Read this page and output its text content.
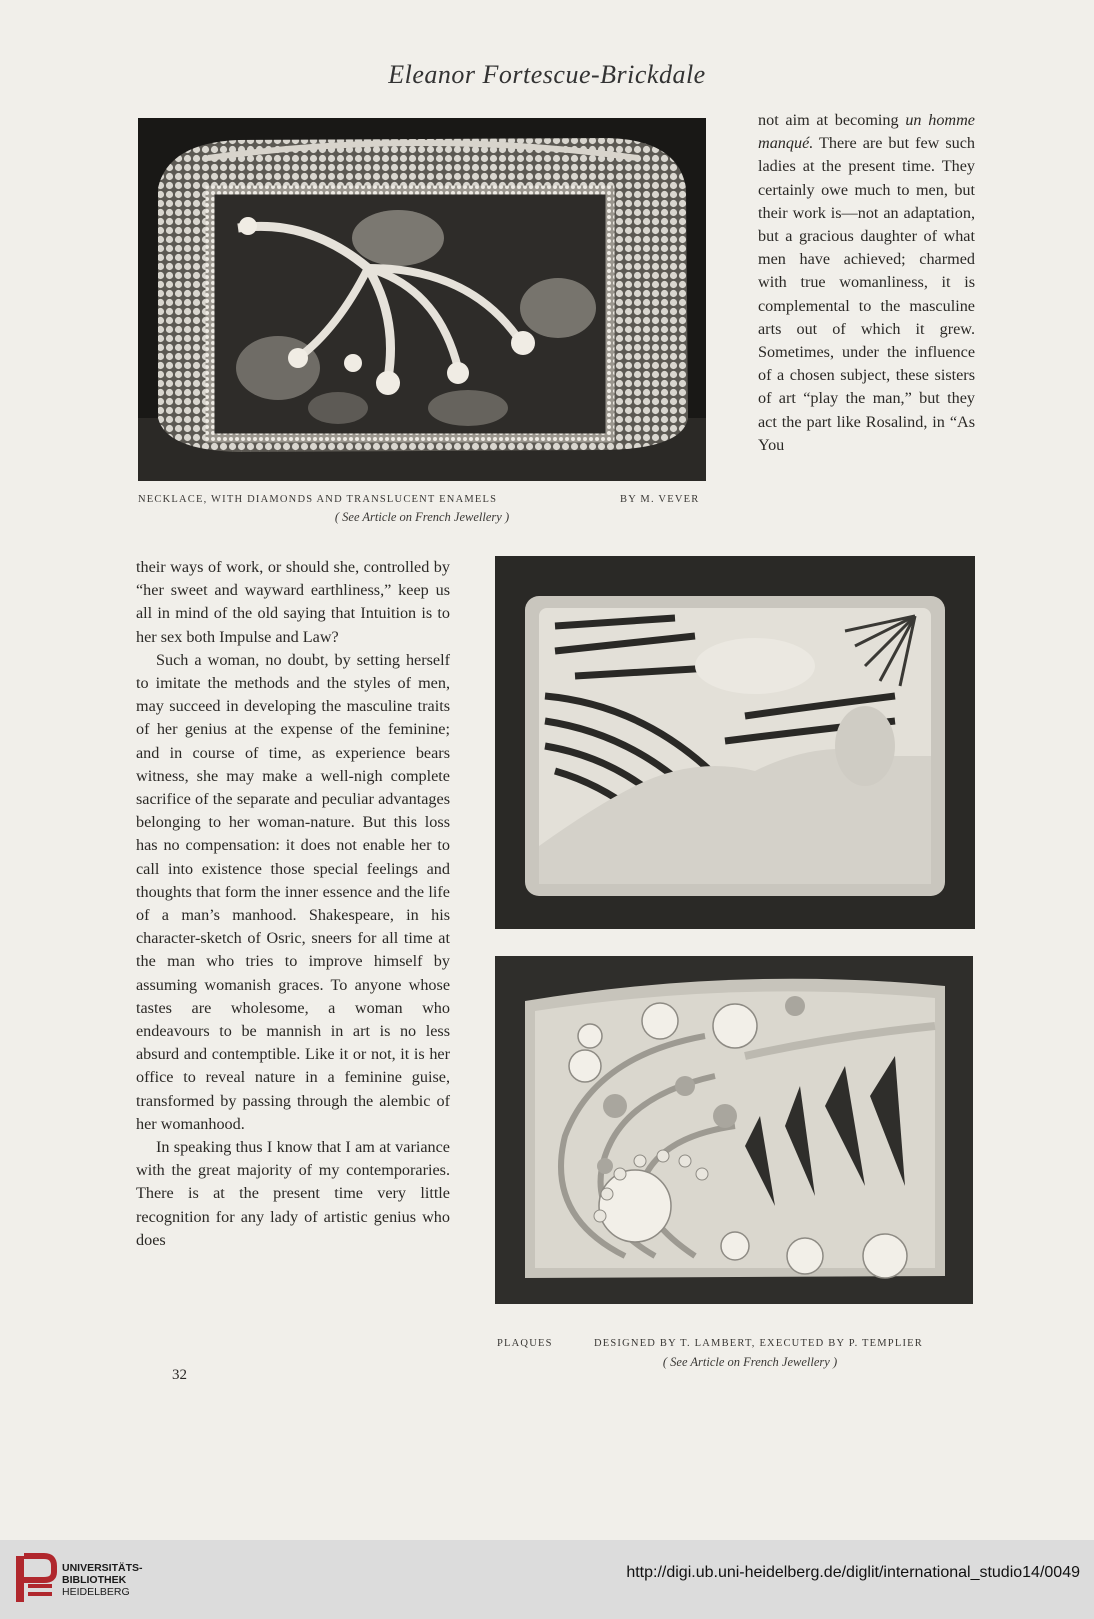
Eleanor Fortescue-Brickdale
NECKLACE, WITH DIAMONDS AND TRANSLUCENT ENAMELS	BY M. VEVER
( See Article on French Jewellery )

not aim at becoming un homme manqué. There are but few such ladies at the present time. They certainly owe much to men, but their work is—not an adaptation, but a gracious daughter of what men have achieved; charmed with true womanliness, it is complemental to the masculine arts out of which it grew. Sometimes, under the influence of a chosen subject, these sisters of art “play the man,” but they act the part like Rosalind, in “As You

their ways of work, or should she, controlled by “her sweet and wayward earthliness,” keep us all in mind of the old saying that Intuition is to her sex both Impulse and Law?

Such a woman, no doubt, by setting herself to imitate the methods and the styles of men, may succeed in developing the masculine traits of her genius at the expense of the feminine; and in course of time, as experience bears witness, she may make a well-nigh complete sacrifice of the separate and peculiar advantages belonging to her woman-nature. But this loss has no compensation: it does not enable her to call into existence those special feelings and thoughts that form the inner essence and the life of a man’s manhood. Shakespeare, in his character-sketch of Osric, sneers for all time at the man who tries to improve himself by assuming womanish graces. To anyone whose tastes are wholesome, a woman who endeavours to be mannish in art is no less absurd and contemptible. Like it or not, it is her office to reveal nature in a feminine guise, transformed by passing through the alembic of her womanhood.

In speaking thus I know that I am at variance with the great majority of my contemporaries. There is at the present time very little recognition for any lady of artistic genius who does

PLAQUES	DESIGNED BY T. LAMBERT, EXECUTED BY P. TEMPLIER
( See Article on French Jewellery )
32
UNIVERSITÄTS-
BIBLIOTHEK
HEIDELBERG
http://digi.ub.uni-heidelberg.de/diglit/international_studio14/0049
